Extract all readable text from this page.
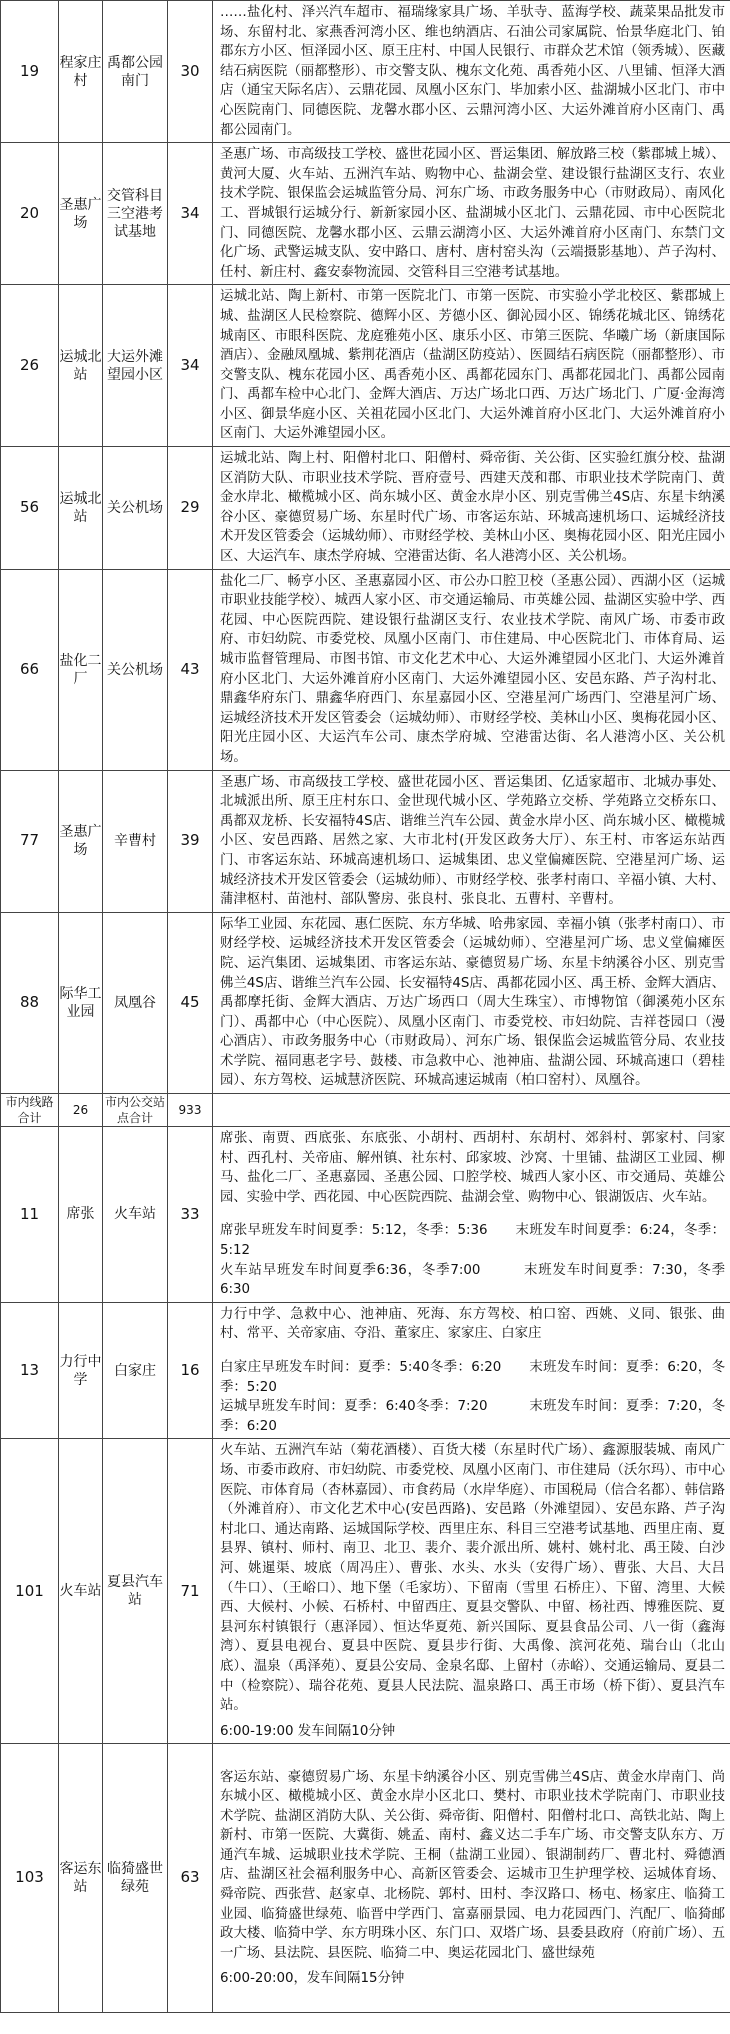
19	程家庄村	禹都公园南门	30	……盐化村、泽兴汽车超市、福瑞缘家具广场、羊驮寺、蓝海学校、蔬菜果品批发市场、东留村北、家燕香河湾小区、维也纳酒店、石油公司家属院、怡景华庭北门、铂郡东方小区、恒泽园小区、原王庄村、中国人民银行、市群众艺术馆（领秀城）、医藏结石病医院（丽都整形）、市交警支队、槐东文化苑、禹香苑小区、八里铺、恒泽大酒店（通宝天际名店）、云鼎花园、凤凰小区东门、毕加索小区、盐湖城小区北门、市中心医院南门、同德医院、龙馨水郡小区、云鼎河湾小区、大运外滩首府小区南门、禹都公园南门。
20	圣惠广场	交管科目三空港考试基地	34	圣惠广场、市高级技工学校、盛世花园小区、晋运集团、解放路三校（紫郡城上城）、黄河大厦、火车站、五洲汽车站、购物中心、盐湖会堂、建设银行盐湖区支行、农业技术学院、银保监会运城监管分局、河东广场、市政务服务中心（市财政局）、南风化工、晋城银行运城分行、新新家园小区、盐湖城小区北门、云鼎花园、市中心医院北门、同德医院、龙馨水郡小区、云鼎云湖湾小区、大运外滩首府小区南门、东禁门文化广场、武警运城支队、安中路口、唐村、唐村窑头沟（云端摄影基地）、芦子沟村、任村、新庄村、鑫安泰物流园、交管科目三空港考试基地。
26	运城北站	大运外滩望园小区	34	运城北站、陶上新村、市第一医院北门、市第一医院、市实验小学北校区、紫郡城上城、盐湖区人民检察院、德辉小区、芳德小区、御沁园小区、锦绣花城北区、锦绣花城南区、市眼科医院、龙庭雅苑小区、康乐小区、市第三医院、华曦广场（新康国际酒店）、金融凤凰城、紫荆花酒店（盐湖区防疫站）、医圆结石病医院（丽都整形）、市交警支队、槐东花园小区、禹香苑小区、禹都花园东门、禹都花园北门、禹都公园南门、禹都车检中心北门、金辉大酒店、万达广场北口西、万达广场北门、广厦·金海湾小区、御景华庭小区、关祖花园小区北门、大运外滩首府小区北门、大运外滩首府小区南门、大运外滩望园小区。
56	运城北站	关公机场	29	运城北站、陶上村、阳僧村北口、阳僧村、舜帝街、关公街、区实验红旗分校、盐湖区消防大队、市职业技术学院、晋府壹号、西建天茂和郡、市职业技术学院南门、黄金水岸北、橄榄城小区、尚东城小区、黄金水岸小区、别克雪佛兰4S店、东星卡纳溪谷小区、豪德贸易广场、东星时代广场、市客运东站、环城高速机场口、运城经济技术开发区管委会（运城幼师）、市财经学校、美林山小区、奥梅花园小区、阳光庄园小区、大运汽车、康杰学府城、空港雷达街、名人港湾小区、关公机场。
66	盐化二厂	关公机场	43	盐化二厂、畅亨小区、圣惠嘉园小区、市公办口腔卫校（圣惠公园）、西湖小区（运城市职业技能学校）、城西人家小区、市交通运输局、市英雄公园、盐湖区实验中学、西花园、中心医院西院、建设银行盐湖区支行、农业技术学院、南风广场、市委市政府、市妇幼院、市委党校、凤凰小区南门、市住建局、中心医院北门、市体育局、运城市监督管理局、市图书馆、市文化艺术中心、大运外滩望园小区北门、大运外滩首府小区北门、大运外滩首府小区南门、大运外滩望园小区、安邑东路、芦子沟村北、鼎鑫华府东门、鼎鑫华府西门、东星嘉园小区、空港星河广场西门、空港星河广场、运城经济技术开发区管委会（运城幼师）、市财经学校、美林山小区、奥梅花园小区、阳光庄园小区、大运汽车公司、康杰学府城、空港雷达街、名人港湾小区、关公机场。
77	圣惠广场	辛曹村	39	圣惠广场、市高级技工学校、盛世花园小区、晋运集团、亿适家超市、北城办事处、北城派出所、原王庄村东口、金世现代城小区、学苑路立交桥、学苑路立交桥东口、禹都双龙桥、长安福特4S店、谐维兰汽车公园、黄金水岸小区、尚东城小区、橄榄城小区、安邑西路、居然之家、大市北村(开发区政务大厅）、东王村、市客运东站西门、市客运东站、环城高速机场口、运城集团、忠义堂偏瘫医院、空港星河广场、运城经济技术开发区管委会（运城幼师）、市财经学校、张孝村南口、辛福小镇、大村、蒲津枢村、苗池村、部队警房、张良村、张良北、五曹村、辛曹村。
88	际华工业园	凤凰谷	45	际华工业园、东花园、惠仁医院、东方华城、哈弗家园、幸福小镇（张孝村南口）、市财经学校、运城经济技术开发区管委会（运城幼师）、空港星河广场、忠义堂偏瘫医院、运汽集团、运城集团、市客运东站、豪德贸易广场、东星卡纳溪谷小区、别克雪佛兰4S店、谐维兰汽车公园、长安福特4S店、禹都花园小区、禹王桥、金辉大酒店、禹都摩托街、金辉大酒店、万达广场西口（周大生珠宝）、市博物馆（御溪苑小区东门）、禹都中心（中心医院）、凤凰小区南门、市委党校、市妇幼院、吉祥苍园口（漫心酒店）、市政务服务中心（市财政局）、河东广场、银保监会运城监管分局、农业技术学院、福同惠老字号、鼓楼、市急救中心、池神庙、盐湖公园、环城高速口（碧桂园）、东方驾校、运城慧济医院、环城高速运城南（柏口窑村）、凤凰谷。
市内线路合计	26	市内公交站点合计	933	
11	席张	火车站	33	席张、南贾、西底张、东底张、小胡村、西胡村、东胡村、郊斜村、郭家村、闫家村、西孔村、关帝庙、解州镇、社东村、邱家坡、沙窝、十里铺、盐湖区工业园、柳马、盐化二厂、圣惠嘉园、圣惠公园、口腔学校、城西人家小区、市交通局、英雄公园、实验中学、西花园、中心医院西院、盐湖会堂、购物中心、银湖饭店、火车站。
席张早班发车时间夏季：5:12，冬季：5:36　　末班发车时间夏季：6:24，冬季：5:12
火车站早班发车时间夏季6:36，冬季7:00　　　末班发车时间夏季：7:30，冬季6:30

13	力行中学	白家庄	16	力行中学、急救中心、池神庙、死海、东方驾校、柏口窑、西姚、义同、银张、曲村、常平、关帝家庙、夺沿、董家庄、家家庄、白家庄
白家庄早班发车时间：夏季：5:40冬季：6:20　　末班发车时间：夏季：6:20，冬季：5:20
运城早班发车时间：夏季：6:40冬季：7:20　　　末班发车时间：夏季：7:20，冬季：6:20

101	火车站	夏县汽车站	71	火车站、五洲汽车站（菊花酒楼）、百货大楼（东星时代广场）、鑫源服装城、南风广场、市委市政府、市妇幼院、市委党校、凤凰小区南门、市住建局（沃尔玛）、市中心医院、市体育局（杏林嘉园）、市食药局（水岸华庭）、市国税局（信合名都）、韩信路（外滩首府）、市文化艺术中心(安邑西路)、安邑路（外滩望园）、安邑东路、芦子沟村北口、通达南路、运城国际学校、西里庄东、科目三空港考试基地、西里庄南、夏县界、镇村、师村、南卫、北卫、裴介、裴介派出所、姚村、姚村北、禹王陵、白沙河、姚暹渠、坡底（周冯庄）、曹张、水头、水头（安得广场）、曹张、大吕、大吕（牛口）、（王峪口）、地下堡（毛家坊）、下留南（雪里 石桥庄）、下留、湾里、大候西、大候村、小候、石桥村、中留西庄、夏县交警队、中留、杨社西、博雅医院、夏县河东村镇银行（惠泽园）、恒达华夏苑、新兴国际、夏县食品公司、八一街（鑫海湾）、夏县电视台、夏县中医院、夏县步行街、大禹像、滨河花苑、瑞台山（北山底）、温泉（禹泽苑）、夏县公安局、金泉名邸、上留村（赤峪）、交通运输局、夏县二中（检察院）、瑞谷花苑、夏县人民法院、温泉路口、禹王市场（桥下街）、夏县汽车站。
6:00-19:00 发车间隔10分钟

103	客运东站	临猗盛世绿苑	63	客运东站、豪德贸易广场、东星卡纳溪谷小区、别克雪佛兰4S店、黄金水岸南门、尚东城小区、橄榄城小区、黄金水岸小区北口、樊村、市职业技术学院南门、市职业技术学院、盐湖区消防大队、关公街、舜帝街、阳僧村、阳僧村北口、高铁北站、陶上新村、市第一医院、大冀街、姚孟、南村、鑫义达二手车广场、市交警支队东方、万通汽车城、运城职业技术学院、王桐（盐湖工业园）、银湖制药厂、曹北村、舜德酒店、盐湖区社会福利服务中心、高新区管委会、运城市卫生护理学校、运城体育场、舜帝院、西张营、赵家卓、北杨院、郭村、田村、李汉路口、杨屯、杨家庄、临猗工业园、临猗盛世绿苑、临晋中学西门、富嘉丽景园、电力花园西门、汽配厂、临猗邮政大楼、临猗中学、东方明珠小区、东门口、双塔广场、县委县政府（府前广场）、五一广场、县法院、县医院、临猗二中、奥运花园北门、盛世绿苑
6:00-20:00，发车间隔15分钟
